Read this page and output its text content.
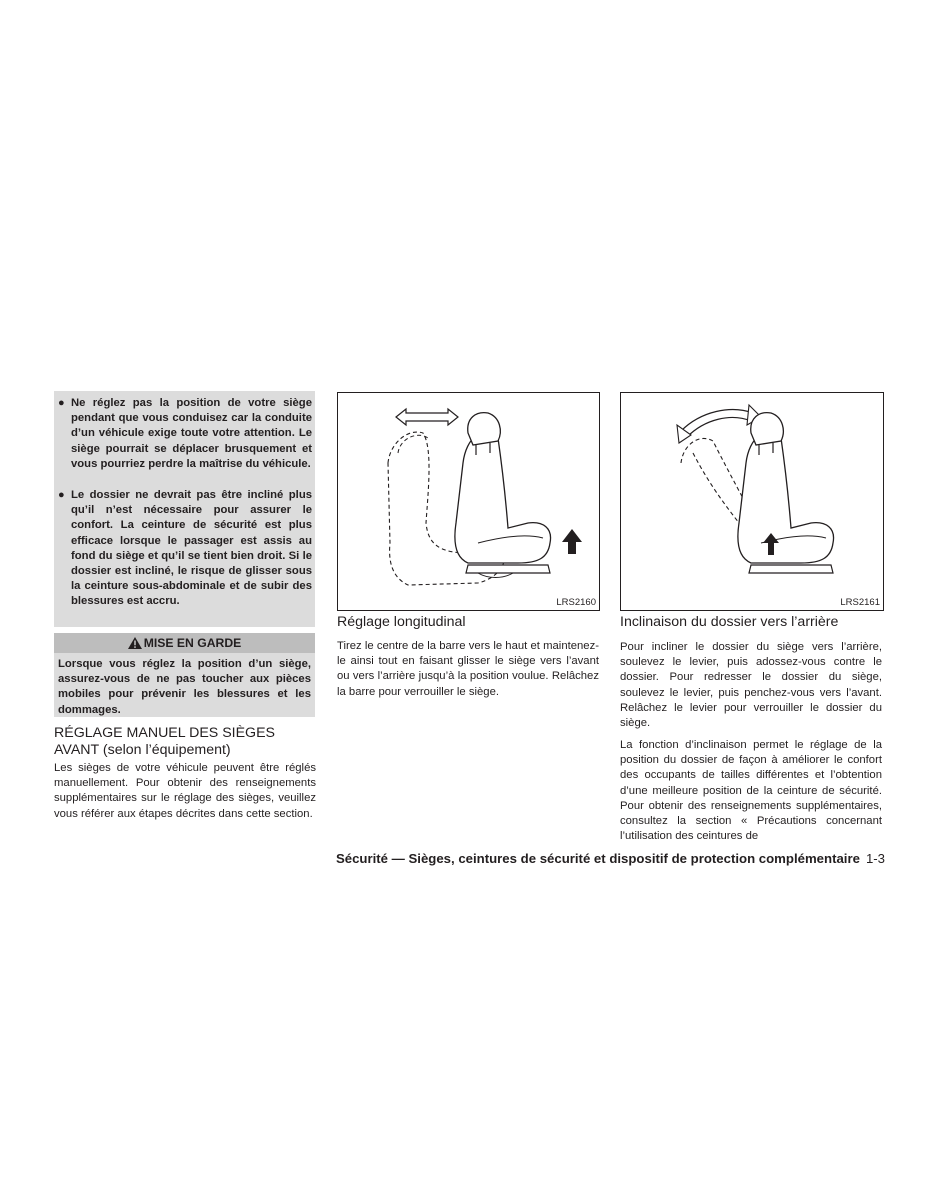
● Ne réglez pas la position de votre siège pendant que vous conduisez car la conduite d’un véhicule exige toute votre attention. Le siège pourrait se déplacer brusquement et vous pourriez perdre la maîtrise du véhicule.
● Le dossier ne devrait pas être incliné plus qu’il n’est nécessaire pour assurer le confort. La ceinture de sécurité est plus efficace lorsque le passager est assis au fond du siège et qu’il se tient bien droit. Si le dossier est incliné, le risque de glisser sous la ceinture sous-abdominale et de subir des blessures est accru.
MISE EN GARDE
Lorsque vous réglez la position d’un siège, assurez-vous de ne pas toucher aux pièces mobiles pour prévenir les blessures et les dommages.
RÉGLAGE MANUEL DES SIÈGES
AVANT (selon l’équipement)

Les sièges de votre véhicule peuvent être réglés manuellement. Pour obtenir des renseignements supplémentaires sur le réglage des sièges, veuillez vous référer aux étapes décrites dans cette section.

LRS2160
Réglage longitudinal

Tirez le centre de la barre vers le haut et maintenez-le ainsi tout en faisant glisser le siège vers l’avant ou vers l’arrière jusqu’à la position voulue. Relâchez la barre pour verrouiller le siège.

LRS2161
Inclinaison du dossier vers l’arrière

Pour incliner le dossier du siège vers l’arrière, soulevez le levier, puis adossez-vous contre le dossier. Pour redresser le dossier du siège, soulevez le levier, puis penchez-vous vers l’avant. Relâchez le levier pour verrouiller le dossier du siège.

La fonction d’inclinaison permet le réglage de la position du dossier de façon à améliorer le confort des occupants de tailles différentes et l’obtention d’une meilleure position de la ceinture de sécurité. Pour obtenir des renseignements supplémentaires, consultez la section « Précautions concernant l’utilisation des ceintures de

Sécurité — Sièges, ceintures de sécurité et dispositif de protection complémentaire 1-3
